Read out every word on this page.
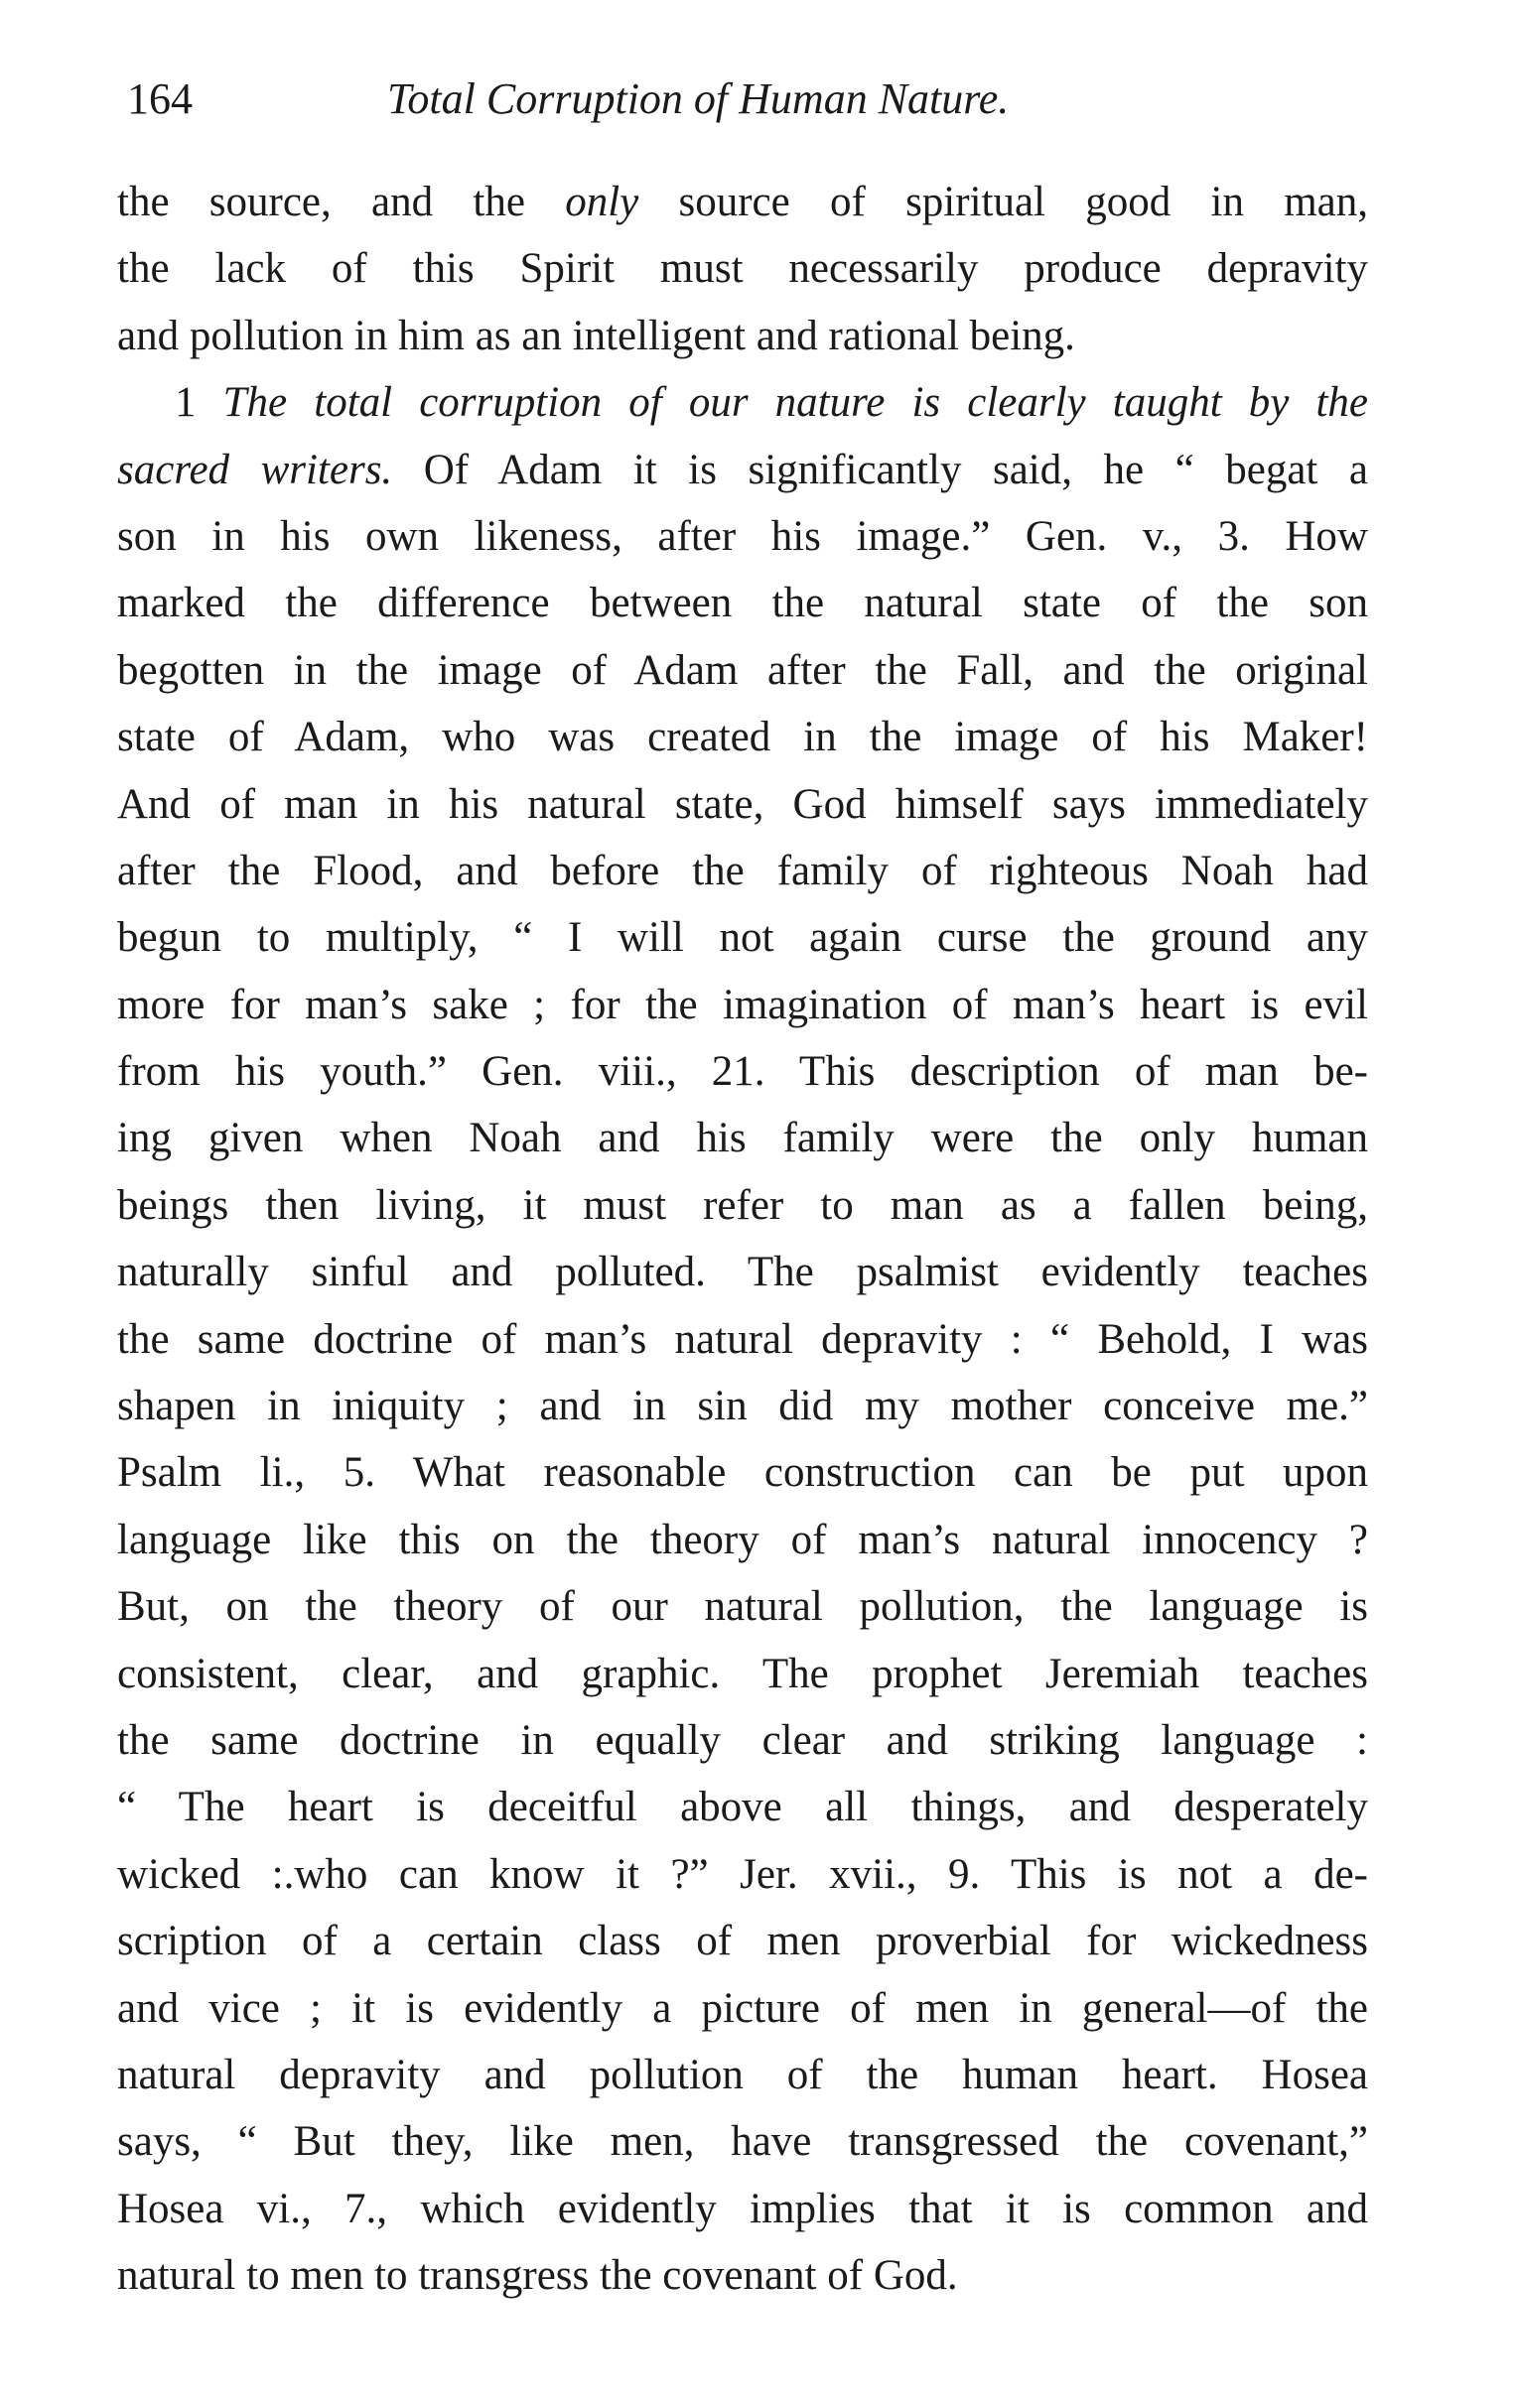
164	Total Corruption of Human Nature.
the source, and the only source of spiritual good in man,
the lack of this Spirit must necessarily produce depravity
and pollution in him as an intelligent and rational being.
1 The total corruption of our nature is clearly taught by the
sacred writers. Of Adam it is significantly said, he “ begat a
son in his own likeness, after his image.” Gen. v., 3. How
marked the difference between the natural state of the son
begotten in the image of Adam after the Fall, and the original
state of Adam, who was created in the image of his Maker!
And of man in his natural state, God himself says immediately
after the Flood, and before the family of righteous Noah had
begun to multiply, “ I will not again curse the ground any
more for man’s sake ; for the imagination of man’s heart is evil
from his youth.” Gen. viii., 21. This description of man be-
ing given when Noah and his family were the only human
beings then living, it must refer to man as a fallen being,
naturally sinful and polluted. The psalmist evidently teaches
the same doctrine of man’s natural depravity : “ Behold, I was
shapen in iniquity ; and in sin did my mother conceive me.”
Psalm li., 5. What reasonable construction can be put upon
language like this on the theory of man’s natural innocency ?
But, on the theory of our natural pollution, the language is
consistent, clear, and graphic. The prophet Jeremiah teaches
the same doctrine in equally clear and striking language :
“ The heart is deceitful above all things, and desperately
wicked :.who can know it ?” Jer. xvii., 9. This is not a de-
scription of a certain class of men proverbial for wickedness
and vice ; it is evidently a picture of men in general—of the
natural depravity and pollution of the human heart. Hosea
says, “ But they, like men, have transgressed the covenant,”
Hosea vi., 7., which evidently implies that it is common and
natural to men to transgress the covenant of God.
